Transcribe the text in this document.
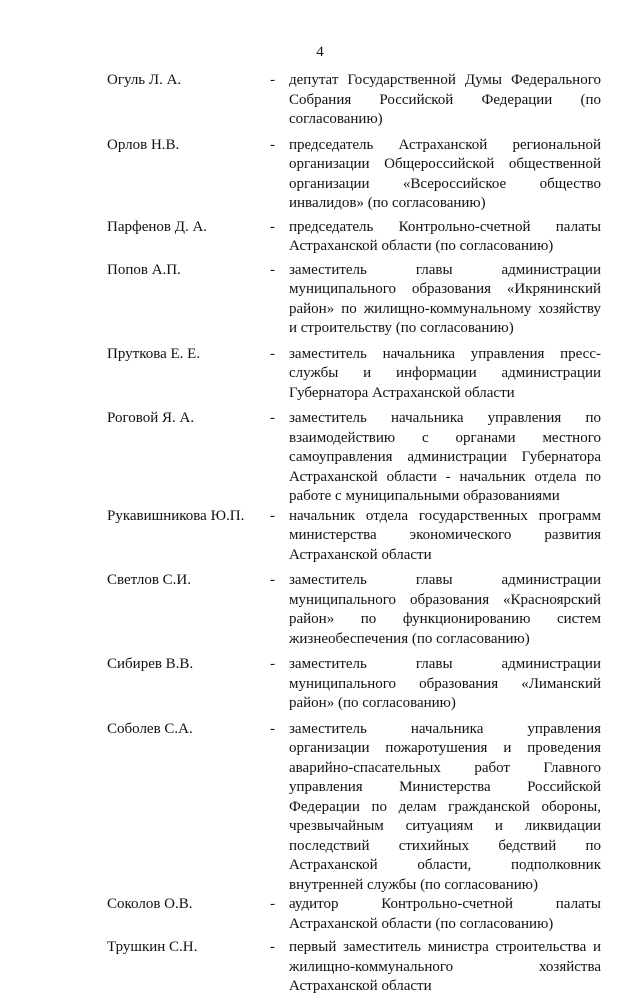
4
Огуль Л. А.	- депутат Государственной Думы Федерального Собрания Российской Федерации (по согласованию)
Орлов Н.В.	- председатель Астраханской региональной организации Общероссийской общественной организации «Всероссийское общество инвалидов» (по согласованию)
Парфенов Д. А.	- председатель Контрольно-счетной палаты Астраханской области (по согласованию)
Попов А.П.	- заместитель главы администрации муниципального образования «Икрянинский район» по жилищно-коммунальному хозяйству и строительству (по согласованию)
Пруткова Е. Е.	- заместитель начальника управления пресс-службы и информации администрации Губернатора Астраханской области
Роговой Я. А.	- заместитель начальника управления по взаимодействию с органами местного самоуправления администрации Губернатора Астраханской области - начальник отдела по работе с муниципальными образованиями
Рукавишникова Ю.П. - начальник отдела государственных программ министерства экономического развития Астраханской области
Светлов С.И.	- заместитель главы администрации муниципального образования «Красноярский район» по функционированию систем жизнеобеспечения (по согласованию)
Сибирев В.В.	- заместитель главы администрации муниципального образования «Лиманский район» (по согласованию)
Соболев С.А.	- заместитель начальника управления организации пожаротушения и проведения аварийно-спасательных работ Главного управления Министерства Российской Федерации по делам гражданской обороны, чрезвычайным ситуациям и ликвидации последствий стихийных бедствий по Астраханской области, подполковник внутренней службы (по согласованию)
Соколов О.В.	- аудитор Контрольно-счетной палаты Астраханской области (по согласованию)
Трушкин С.Н.	- первый заместитель министра строительства и жилищно-коммунального хозяйства Астраханской области
